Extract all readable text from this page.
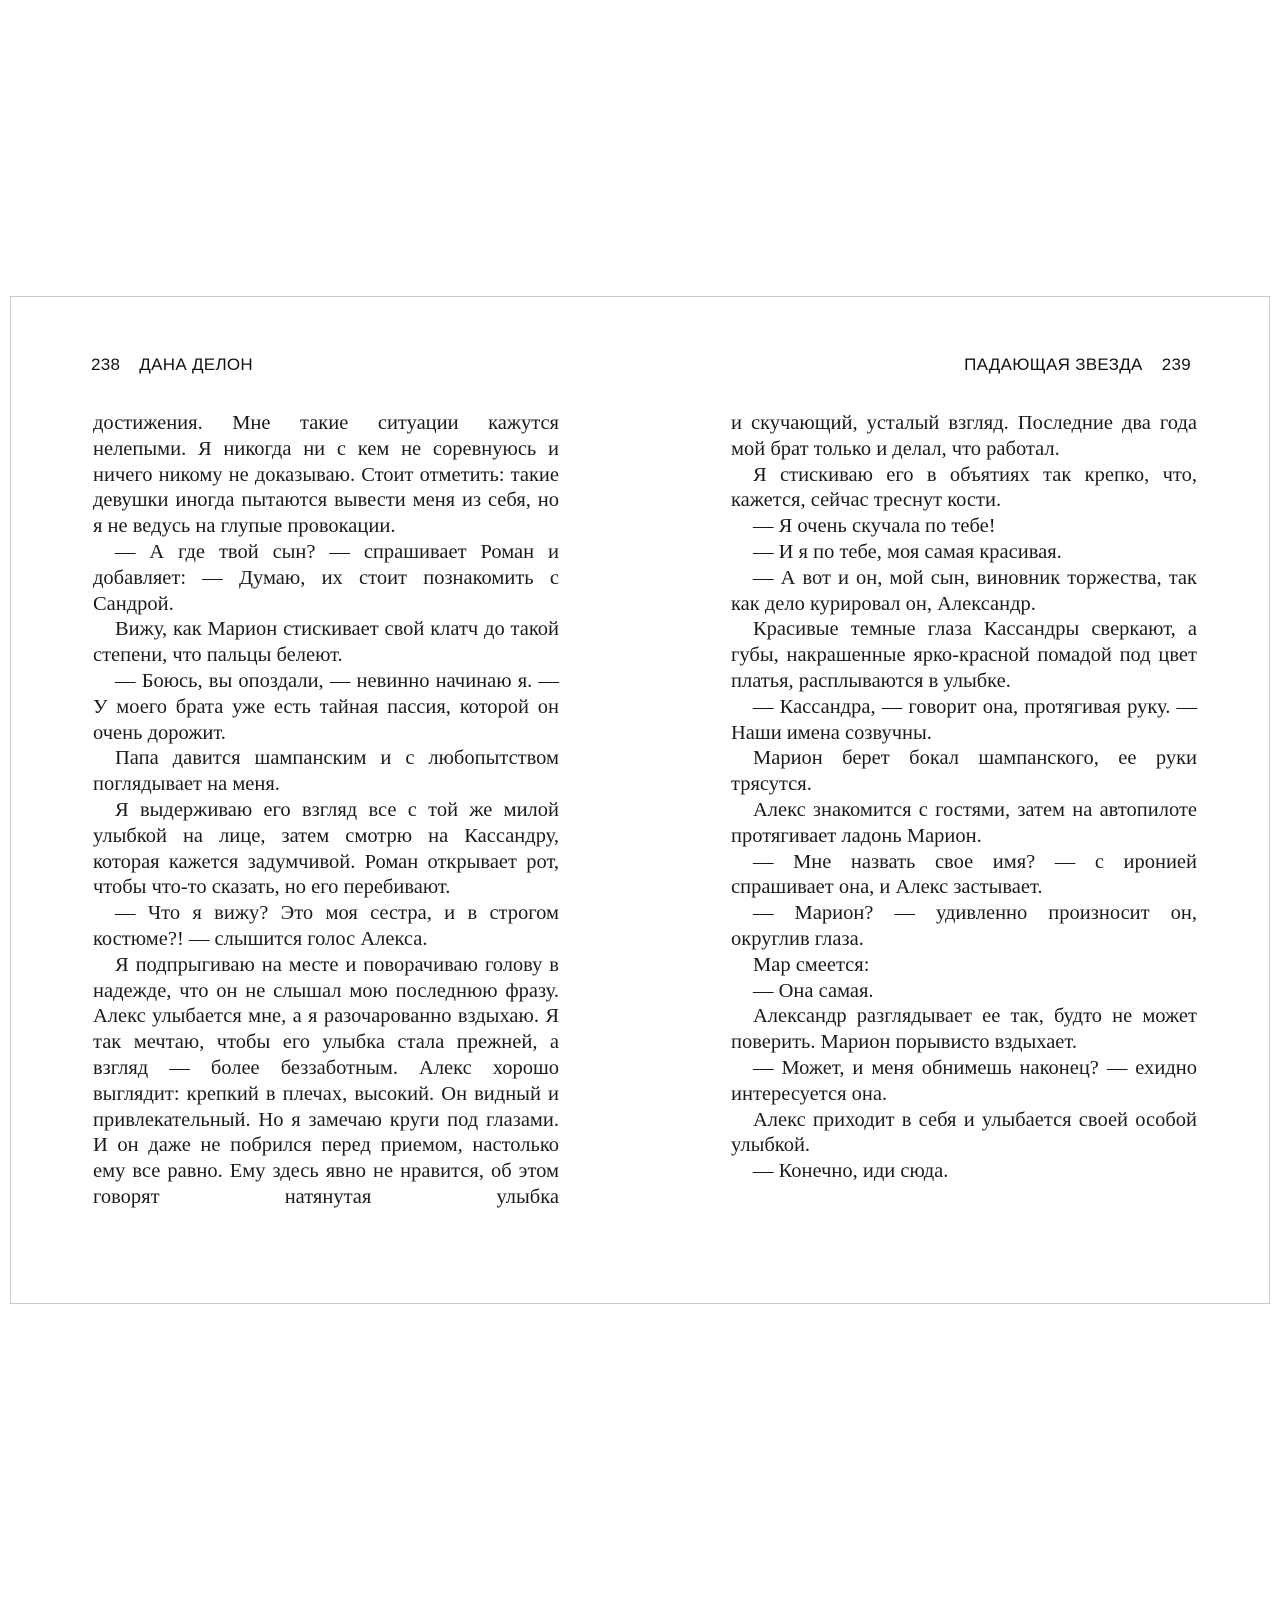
238 ДАНА ДЕЛОН

достижения. Мне такие ситуации кажутся нелепыми. Я никогда ни с кем не соревнуюсь и ничего никому не доказываю. Стоит отметить: такие девушки иногда пытаются вывести меня из себя, но я не ведусь на глупые провокации.

— А где твой сын? — спрашивает Роман и добавляет: — Думаю, их стоит познакомить с Сандрой.

Вижу, как Марион стискивает свой клатч до такой степени, что пальцы белеют.

— Боюсь, вы опоздали, — невинно начинаю я. — У моего брата уже есть тайная пассия, которой он очень дорожит.

Папа давится шампанским и с любопытством поглядывает на меня.

Я выдерживаю его взгляд все с той же милой улыбкой на лице, затем смотрю на Кассандру, которая кажется задумчивой. Роман открывает рот, чтобы что-то сказать, но его перебивают.

— Что я вижу? Это моя сестра, и в строгом костюме?! — слышится голос Алекса.

Я подпрыгиваю на месте и поворачиваю голову в надежде, что он не слышал мою последнюю фразу. Алекс улыбается мне, а я разочарованно вздыхаю. Я так мечтаю, чтобы его улыбка стала прежней, а взгляд — более беззаботным. Алекс хорошо выглядит: крепкий в плечах, высокий. Он видный и привлекательный. Но я замечаю круги под глазами. И он даже не побрился перед приемом, настолько ему все равно. Ему здесь явно не нравится, об этом говорят натянутая улыбка

ПАДАЮЩАЯ ЗВЕЗДА 239

и скучающий, усталый взгляд. Последние два года мой брат только и делал, что работал.

Я стискиваю его в объятиях так крепко, что, кажется, сейчас треснут кости.

— Я очень скучала по тебе!

— И я по тебе, моя самая красивая.

— А вот и он, мой сын, виновник торжества, так как дело курировал он, Александр.

Красивые темные глаза Кассандры сверкают, а губы, накрашенные ярко-красной помадой под цвет платья, расплываются в улыбке.

— Кассандра, — говорит она, протягивая руку. — Наши имена созвучны.

Марион берет бокал шампанского, ее руки трясутся.

Алекс знакомится с гостями, затем на автопилоте протягивает ладонь Марион.

— Мне назвать свое имя? — с иронией спрашивает она, и Алекс застывает.

— Марион? — удивленно произносит он, округлив глаза.

Мар смеется:

— Она самая.

Александр разглядывает ее так, будто не может поверить. Марион порывисто вздыхает.

— Может, и меня обнимешь наконец? — ехидно интересуется она.

Алекс приходит в себя и улыбается своей особой улыбкой.

— Конечно, иди сюда.
